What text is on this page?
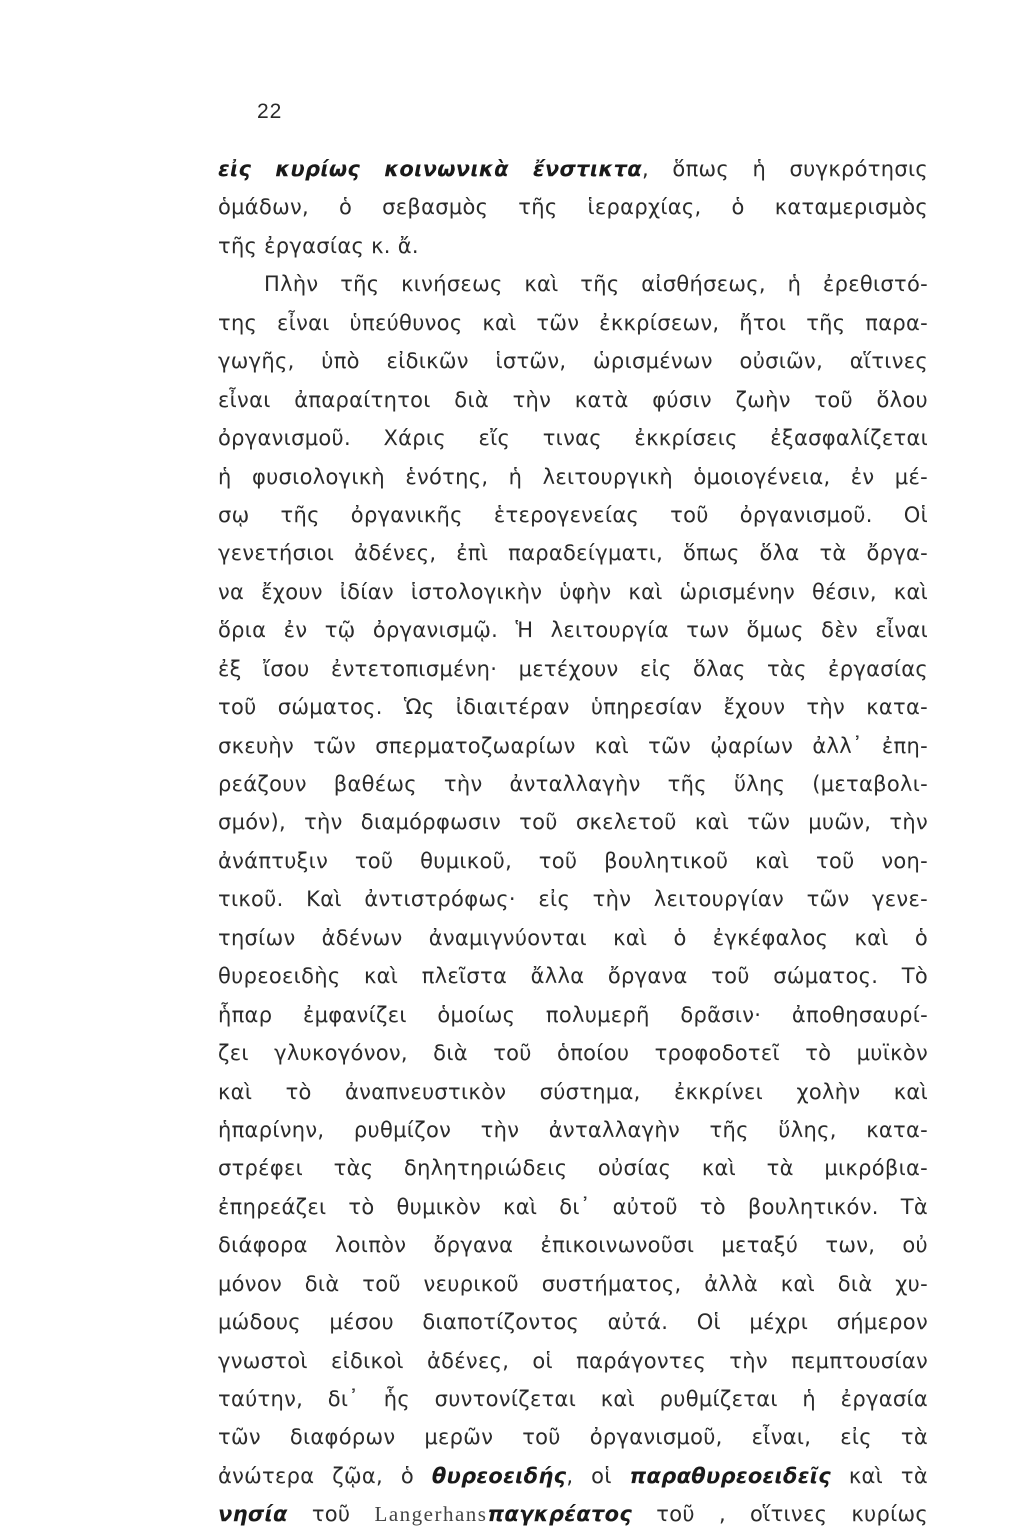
22
εἰς κυρίως κοινωνικὰ ἔνστικτα, ὅπως ἡ συγκρότησις
ὁμάδων, ὁ σεβασμὸς τῆς ἱεραρχίας, ὁ καταμερισμὸς
τῆς ἐργασίας κ. ἄ.
Πλὴν τῆς κινήσεως καὶ τῆς αἰσθήσεως, ἡ ἐρεθιστό-
της εἶναι ὑπεύθυνος καὶ τῶν ἐκκρίσεων, ἤτοι τῆς παρα-
γωγῆς, ὑπὸ εἰδικῶν ἱστῶν, ὡρισμένων οὐσιῶν, αἵτινες
εἶναι ἀπαραίτητοι διὰ τὴν κατὰ φύσιν ζωὴν τοῦ ὅλου
ὀργανισμοῦ. Χάρις εἴς τινας ἐκκρίσεις ἐξασφαλίζεται
ἡ φυσιολογικὴ ἑνότης, ἡ λειτουργικὴ ὁμοιογένεια, ἐν μέ-
σῳ τῆς ὀργανικῆς ἑτερογενείας τοῦ ὀργανισμοῦ. Οἱ
γενετήσιοι ἀδένες, ἐπὶ παραδείγματι, ὅπως ὅλα τὰ ὄργα-
να ἔχουν ἰδίαν ἱστολογικὴν ὑφὴν καὶ ὡρισμένην θέσιν, καὶ
ὅρια ἐν τῷ ὀργανισμῷ. Ἡ λειτουργία των ὅμως δὲν εἶναι
ἐξ ἴσου ἐντετοπισμένη· μετέχουν εἰς ὅλας τὰς ἐργασίας
τοῦ σώματος. Ὡς ἰδιαιτέραν ὑπηρεσίαν ἔχουν τὴν κατα-
σκευὴν τῶν σπερματοζωαρίων καὶ τῶν ᾠαρίων ἀλλ᾽ ἐπη-
ρεάζουν βαθέως τὴν ἀνταλλαγὴν τῆς ὕλης (μεταβολι-
σμόν), τὴν διαμόρφωσιν τοῦ σκελετοῦ καὶ τῶν μυῶν, τὴν
ἀνάπτυξιν τοῦ θυμικοῦ, τοῦ βουλητικοῦ καὶ τοῦ νοη-
τικοῦ. Καὶ ἀντιστρόφως· εἰς τὴν λειτουργίαν τῶν γενε-
τησίων ἀδένων ἀναμιγνύονται καὶ ὁ ἐγκέφαλος καὶ ὁ
θυρεοειδὴς καὶ πλεῖστα ἄλλα ὄργανα τοῦ σώματος. Τὸ
ἧπαρ ἐμφανίζει ὁμοίως πολυμερῆ δρᾶσιν· ἀποθησαυρί-
ζει γλυκογόνον, διὰ τοῦ ὁποίου τροφοδοτεῖ τὸ μυϊκὸν
καὶ τὸ ἀναπνευστικὸν σύστημα, ἐκκρίνει χολὴν καὶ
ἡπαρίνην, ρυθμίζον τὴν ἀνταλλαγὴν τῆς ὕλης, κατα-
στρέφει τὰς δηλητηριώδεις οὐσίας καὶ τὰ μικρόβια-
ἐπηρεάζει τὸ θυμικὸν καὶ δι᾽ αὐτοῦ τὸ βουλητικόν. Τὰ
διάφορα λοιπὸν ὄργανα ἐπικοινωνοῦσι μεταξύ των, οὐ
μόνον διὰ τοῦ νευρικοῦ συστήματος, ἀλλὰ καὶ διὰ χυ-
μώδους μέσου διαποτίζοντος αὐτά. Οἱ μέχρι σήμερον
γνωστοὶ εἰδικοὶ ἀδένες, οἱ παράγοντες τὴν πεμπτουσίαν
ταύτην, δι᾽ ἧς συντονίζεται καὶ ρυθμίζεται ἡ ἐργασία
τῶν διαφόρων μερῶν τοῦ ὀργανισμοῦ, εἶναι, εἰς τὰ
ἀνώτερα ζῷα, ὁ θυρεοειδής, οἱ παραθυρεοειδεῖς καὶ τὰ
νησία τοῦ Langerhansπαγκρέατος τοῦ , οἵτινες κυρίως
